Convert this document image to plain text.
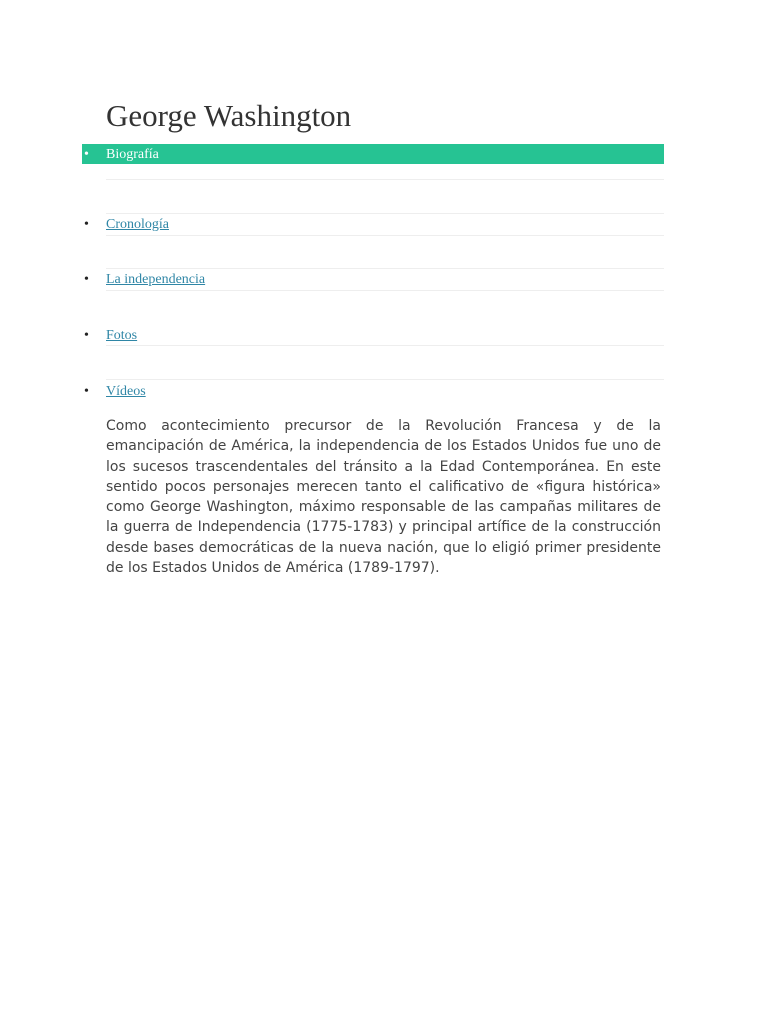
George Washington
• Biografía
• Cronología
• La independencia
• Fotos
• Vídeos

Como acontecimiento precursor de la Revolución Francesa y de la emancipación de América, la independencia de los Estados Unidos fue uno de los sucesos trascendentales del tránsito a la Edad Contemporánea. En este sentido pocos personajes merecen tanto el calificativo de «figura histórica» como George Washington, máximo responsable de las campañas militares de la guerra de Independencia (1775-1783) y principal artífice de la construcción desde bases democráticas de la nueva nación, que lo eligió primer presidente de los Estados Unidos de América (1789-1797).
